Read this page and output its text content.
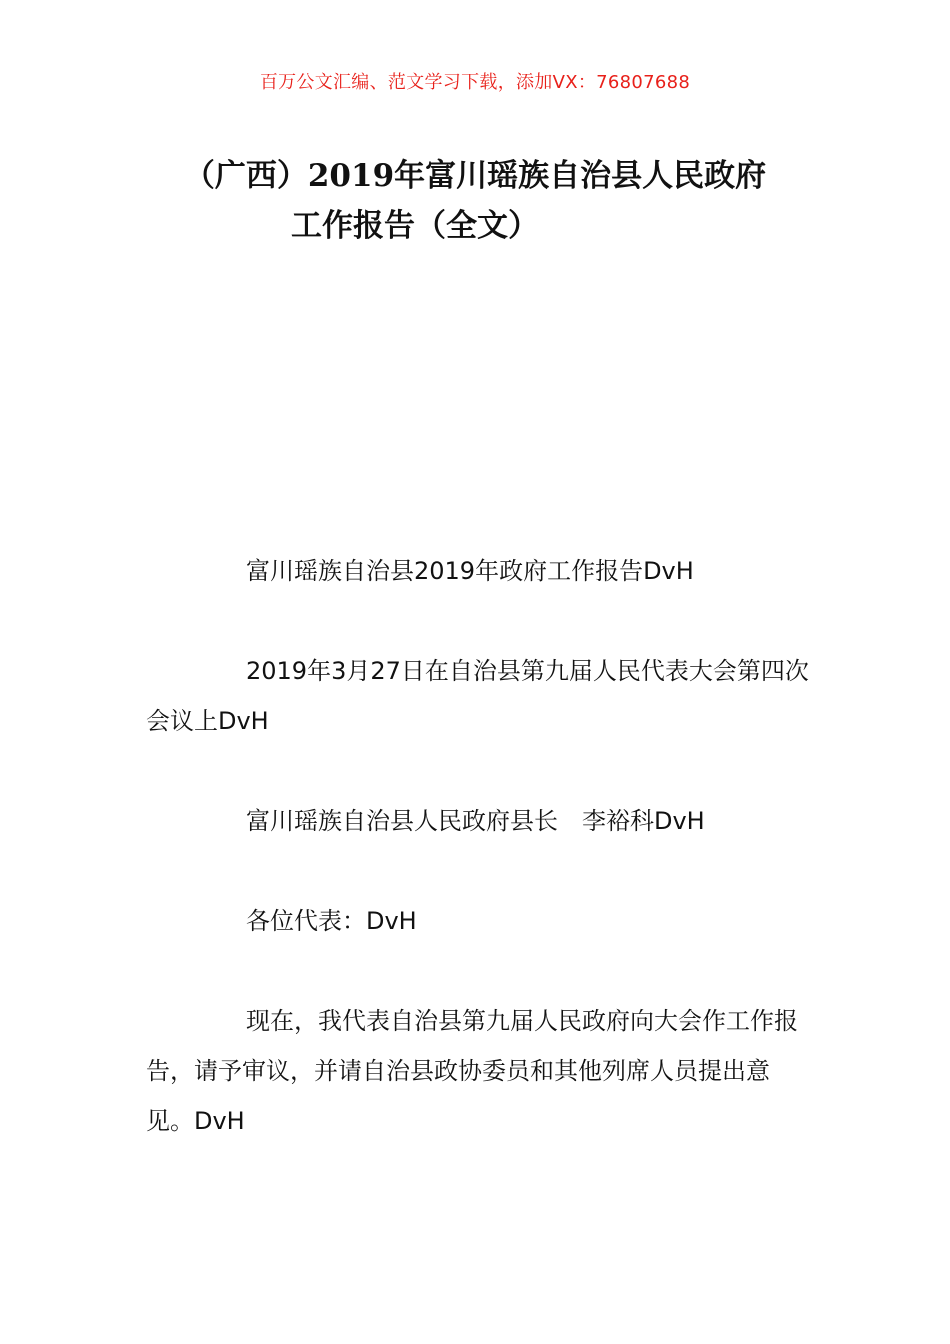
百万公文汇编、范文学习下载，添加VX：76807688
（广西）2019年富川瑶族自治县人民政府
工作报告（全文）
富川瑶族自治县2019年政府工作报告DvH
2019年3月27日在自治县第九届人民代表大会第四次会议上DvH
富川瑶族自治县人民政府县长　李裕科DvH
各位代表：DvH
现在，我代表自治县第九届人民政府向大会作工作报告，请予审议，并请自治县政协委员和其他列席人员提出意见。DvH
